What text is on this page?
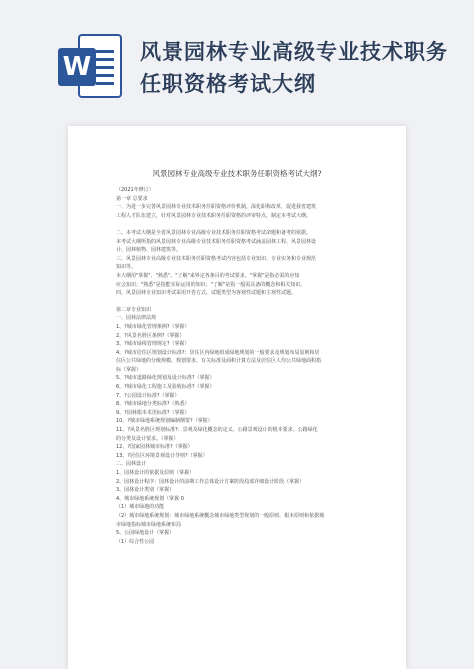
W 风景园林专业高级专业技术职务任职资格考试大纲
风景园林专业高级专业技术职务任职资格考试大纲?
（2021年修订）
第一章 总要求
一、为进一步完善风景园林专业技术职务任职资格评价机制，深化职称改革，促进我省建筑
工程人才队伍建立，针对风景园林专业技术职务任职资格的评审特点，制定本考试大纲。

二、本考试大纲是全省风景园林专业高级专业技术职务任职资格考试命题和备考的依据。
本考试大纲所指的风景园林专业高级专业技术职务任职资格考试涵盖园林工程、风景园林设
计、园林植物、园林建筑等。
三、风景园林专业高级专业技术职务任职资格考试内容包括专业知识、专业实务和专业规范
知识等。
本大纲用"掌握"、"熟悉"、"了解"来界定各条目的考试要求。"掌握"是指必需的应知
应会知识；"熟悉"是指能实际运用的知识；"了解"是指一般需具备的概念和相关知识。
四、风景园林专业知识考试采用开卷方式，试题类型为客观性试题和主观性试题。
第二章专业知识
一、园林法律法规
1、?城市绿化管理条例?（掌握）
2、?风景名胜区条例?（掌握）
3、?城市绿线管理规定?（掌握）
4、?城市居住区规划设计标准?：居住区内绿地组成绿地规划的一般要求及规划布局原则和居
住区公共绿地的分级规模、规划要求、有关标准及面积计算方法及居住区人均公共绿地面积指
标（掌握）
5、?城市道路绿化规划及设计标准?（掌握）
6、?城市绿化工程施工及验收标准?（掌握）
7、?公园设计标准?（掌握）
8、?城市绿地分类标准?（熟悉）
9、?园林根本术语标准?（掌握）
10、?城市绿地系统规划编制纲要?（掌握）
11、?风景名胜区规划标准?：景观及绿化概念的定义、公路景观设计的根本要求、公路绿化
的分类及设计要求。（掌握）
12、?国家园林城市标准?（掌握）
13、?居住区环境景观设计导则?（掌握）
二、园林设计
1、园林设计的依据及原则（掌握）
2、园林设计程序：园林设计的前期工作总体设计方案阶段局部详细设计阶段（掌握）
3、园林设计类别（掌握）
4、城市绿地系统规划（掌握 0
（1）城市绿地的功能
（2）城市绿地系统规划：城市绿地系统概念城市绿地类型规划的一般原则、根本原则和依据城
市绿地指标城市绿地系统布局
5、公园绿地设计（掌握）
（1）综合性公园
